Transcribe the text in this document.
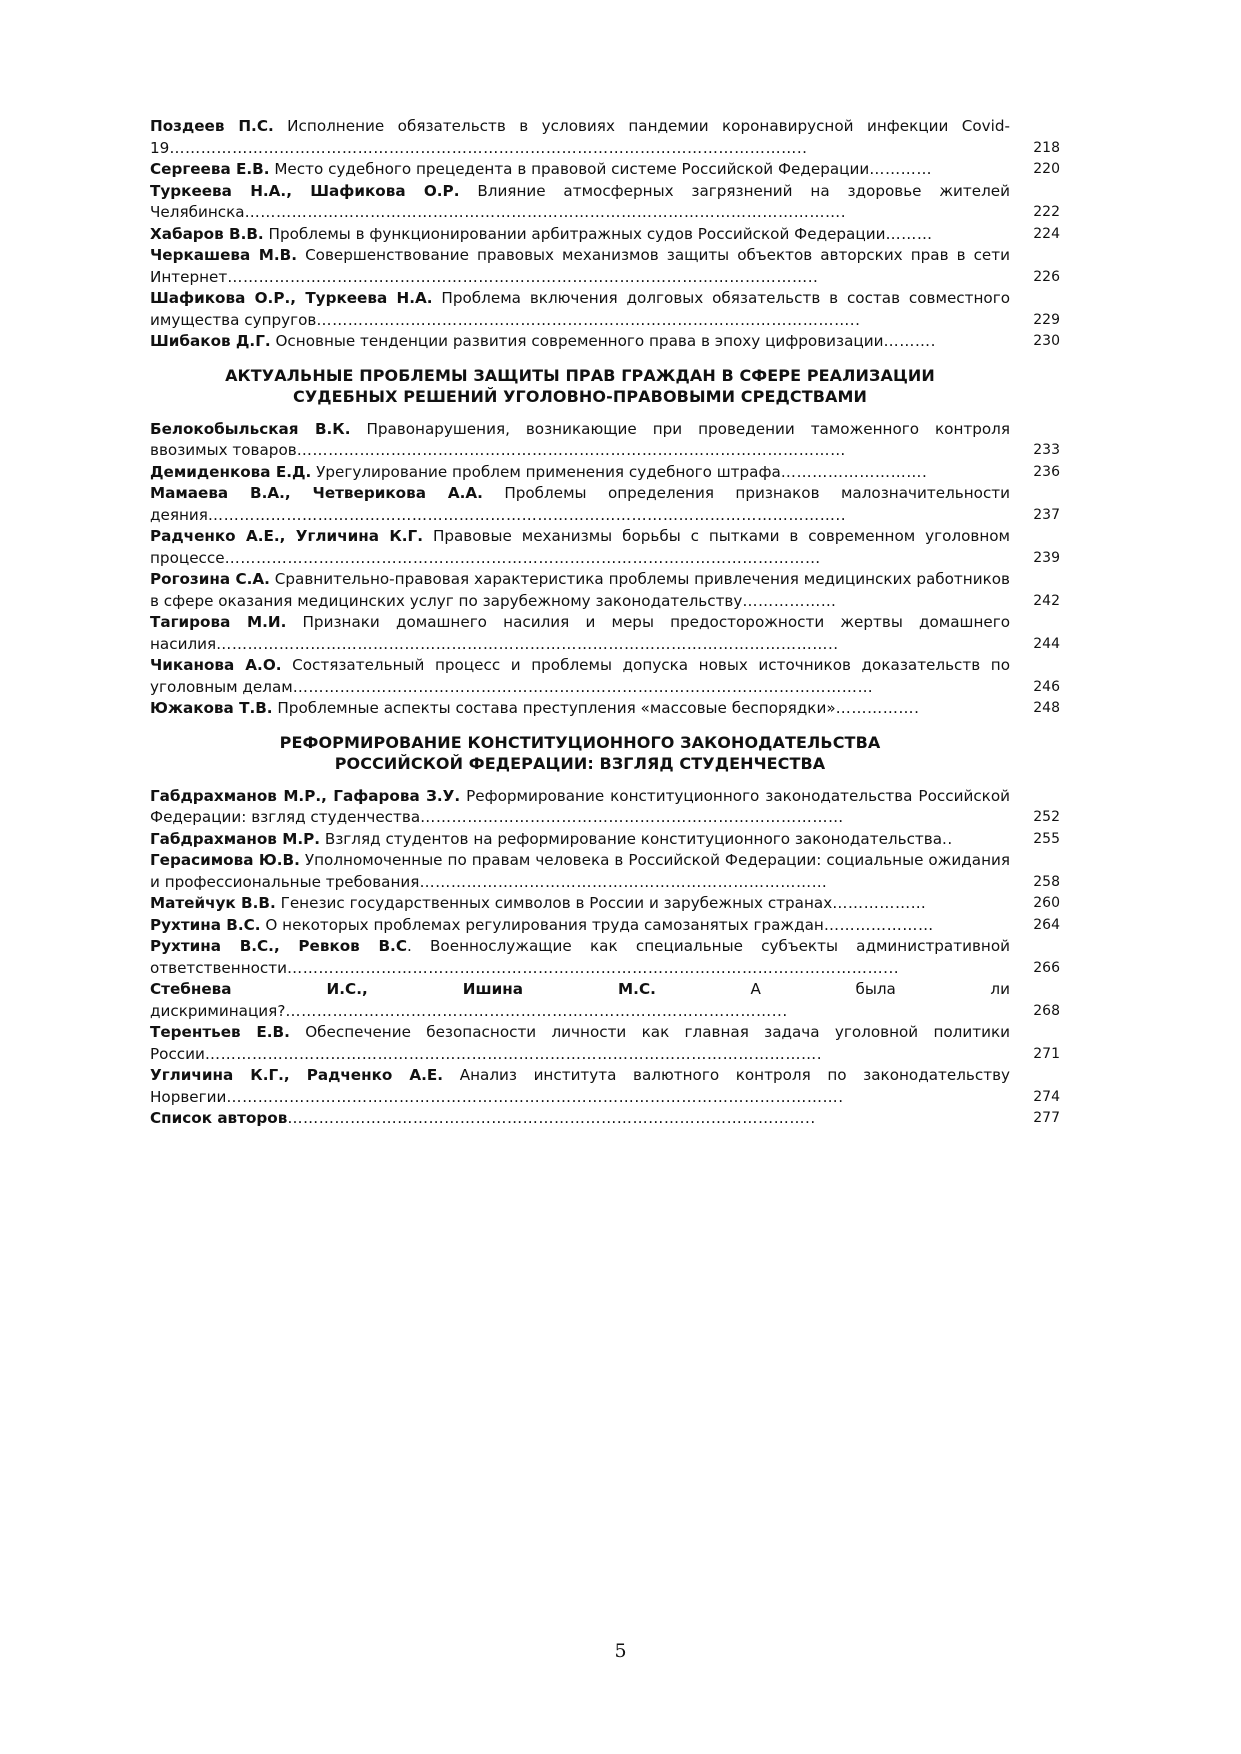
Поздеев П.С. Исполнение обязательств в условиях пандемии коронавирусной инфекции Covid-19…………………………………………………………………………………………………………..	218
Сергеева Е.В. Место судебного прецедента в правовой системе Российской Федерации…………	220
Туркеева Н.А., Шафикова О.Р. Влияние атмосферных загрязнений на здоровье жителей Челябинска…………………………………………………………………………………………………….	222
Хабаров В.В. Проблемы в функционировании арбитражных судов Российской Федерации………	224
Черкашева М.В. Совершенствование правовых механизмов защиты объектов авторских прав в сети Интернет…………………………………………………………………………………………………..	226
Шафикова О.Р., Туркеева Н.А. Проблема включения долговых обязательств в состав совместного имущества супругов…………………………………………………………………………………………..	229
Шибаков Д.Г. Основные тенденции развития современного права в эпоху цифровизации……….	230
АКТУАЛЬНЫЕ ПРОБЛЕМЫ ЗАЩИТЫ ПРАВ ГРАЖДАН В СФЕРЕ РЕАЛИЗАЦИИ
СУДЕБНЫХ РЕШЕНИЙ УГОЛОВНО-ПРАВОВЫМИ СРЕДСТВАМИ
Белокобыльская В.К. Правонарушения, возникающие при проведении таможенного контроля ввозимых товаров……………………………………………………………………………………………	233
Демиденкова Е.Д. Урегулирование проблем применения судебного штрафа……………………….	236
Мамаева В.А., Четверикова А.А. Проблемы определения признаков малозначительности деяния…………………………………………………………………………………………………………..	237
Радченко А.Е., Угличина К.Г. Правовые механизмы борьбы с пытками в современном уголовном процессе……………………………………………………………………………………………………	239
Рогозина С.А. Сравнительно-правовая характеристика проблемы привлечения медицинских работников в сфере оказания медицинских услуг по зарубежному законодательству………………	242
Тагирова М.И. Признаки домашнего насилия и меры предосторожности жертвы домашнего насилия………………………………………………………………………………………………………..	244
Чиканова А.О. Состязательный процесс и проблемы допуска новых источников доказательств по уголовным делам…………………………………………………………………………………………………	246
Южакова Т.В. Проблемные аспекты состава преступления «массовые беспорядки»…………….	248
РЕФОРМИРОВАНИЕ КОНСТИТУЦИОННОГО ЗАКОНОДАТЕЛЬСТВА
РОССИЙСКОЙ ФЕДЕРАЦИИ: ВЗГЛЯД СТУДЕНЧЕСТВА
Габдрахманов М.Р., Гафарова З.У. Реформирование конституционного законодательства Российской Федерации: взгляд студенчества………………………………………………………………………	252
Габдрахманов М.Р. Взгляд студентов на реформирование конституционного законодательства..	255
Герасимова Ю.В. Уполномоченные по правам человека в Российской Федерации: социальные ожидания и профессиональные требования……………………………………………………………………	258
Матейчук В.В. Генезис государственных символов в России и зарубежных странах………………	260
Рухтина В.С. О некоторых проблемах регулирования труда самозанятых граждан…………………	264
Рухтина В.С., Ревков В.С. Военнослужащие как специальные субъекты административной ответственности……………………………………………………………………………………………………...	266
Стебнева И.С., Ишина М.С.	А была ли дискриминация?…………………………………………………………………………………...	268
Терентьев Е.В. Обеспечение безопасности личности как главная задача уголовной политики России……………………………………………………………………………………………………….	271
Угличина К.Г., Радченко А.Е. Анализ института валютного контроля по законодательству Норвегии……………………………………………………………………………………………………….	274
Список авторов………………………………………………………………………………………..	277
5
